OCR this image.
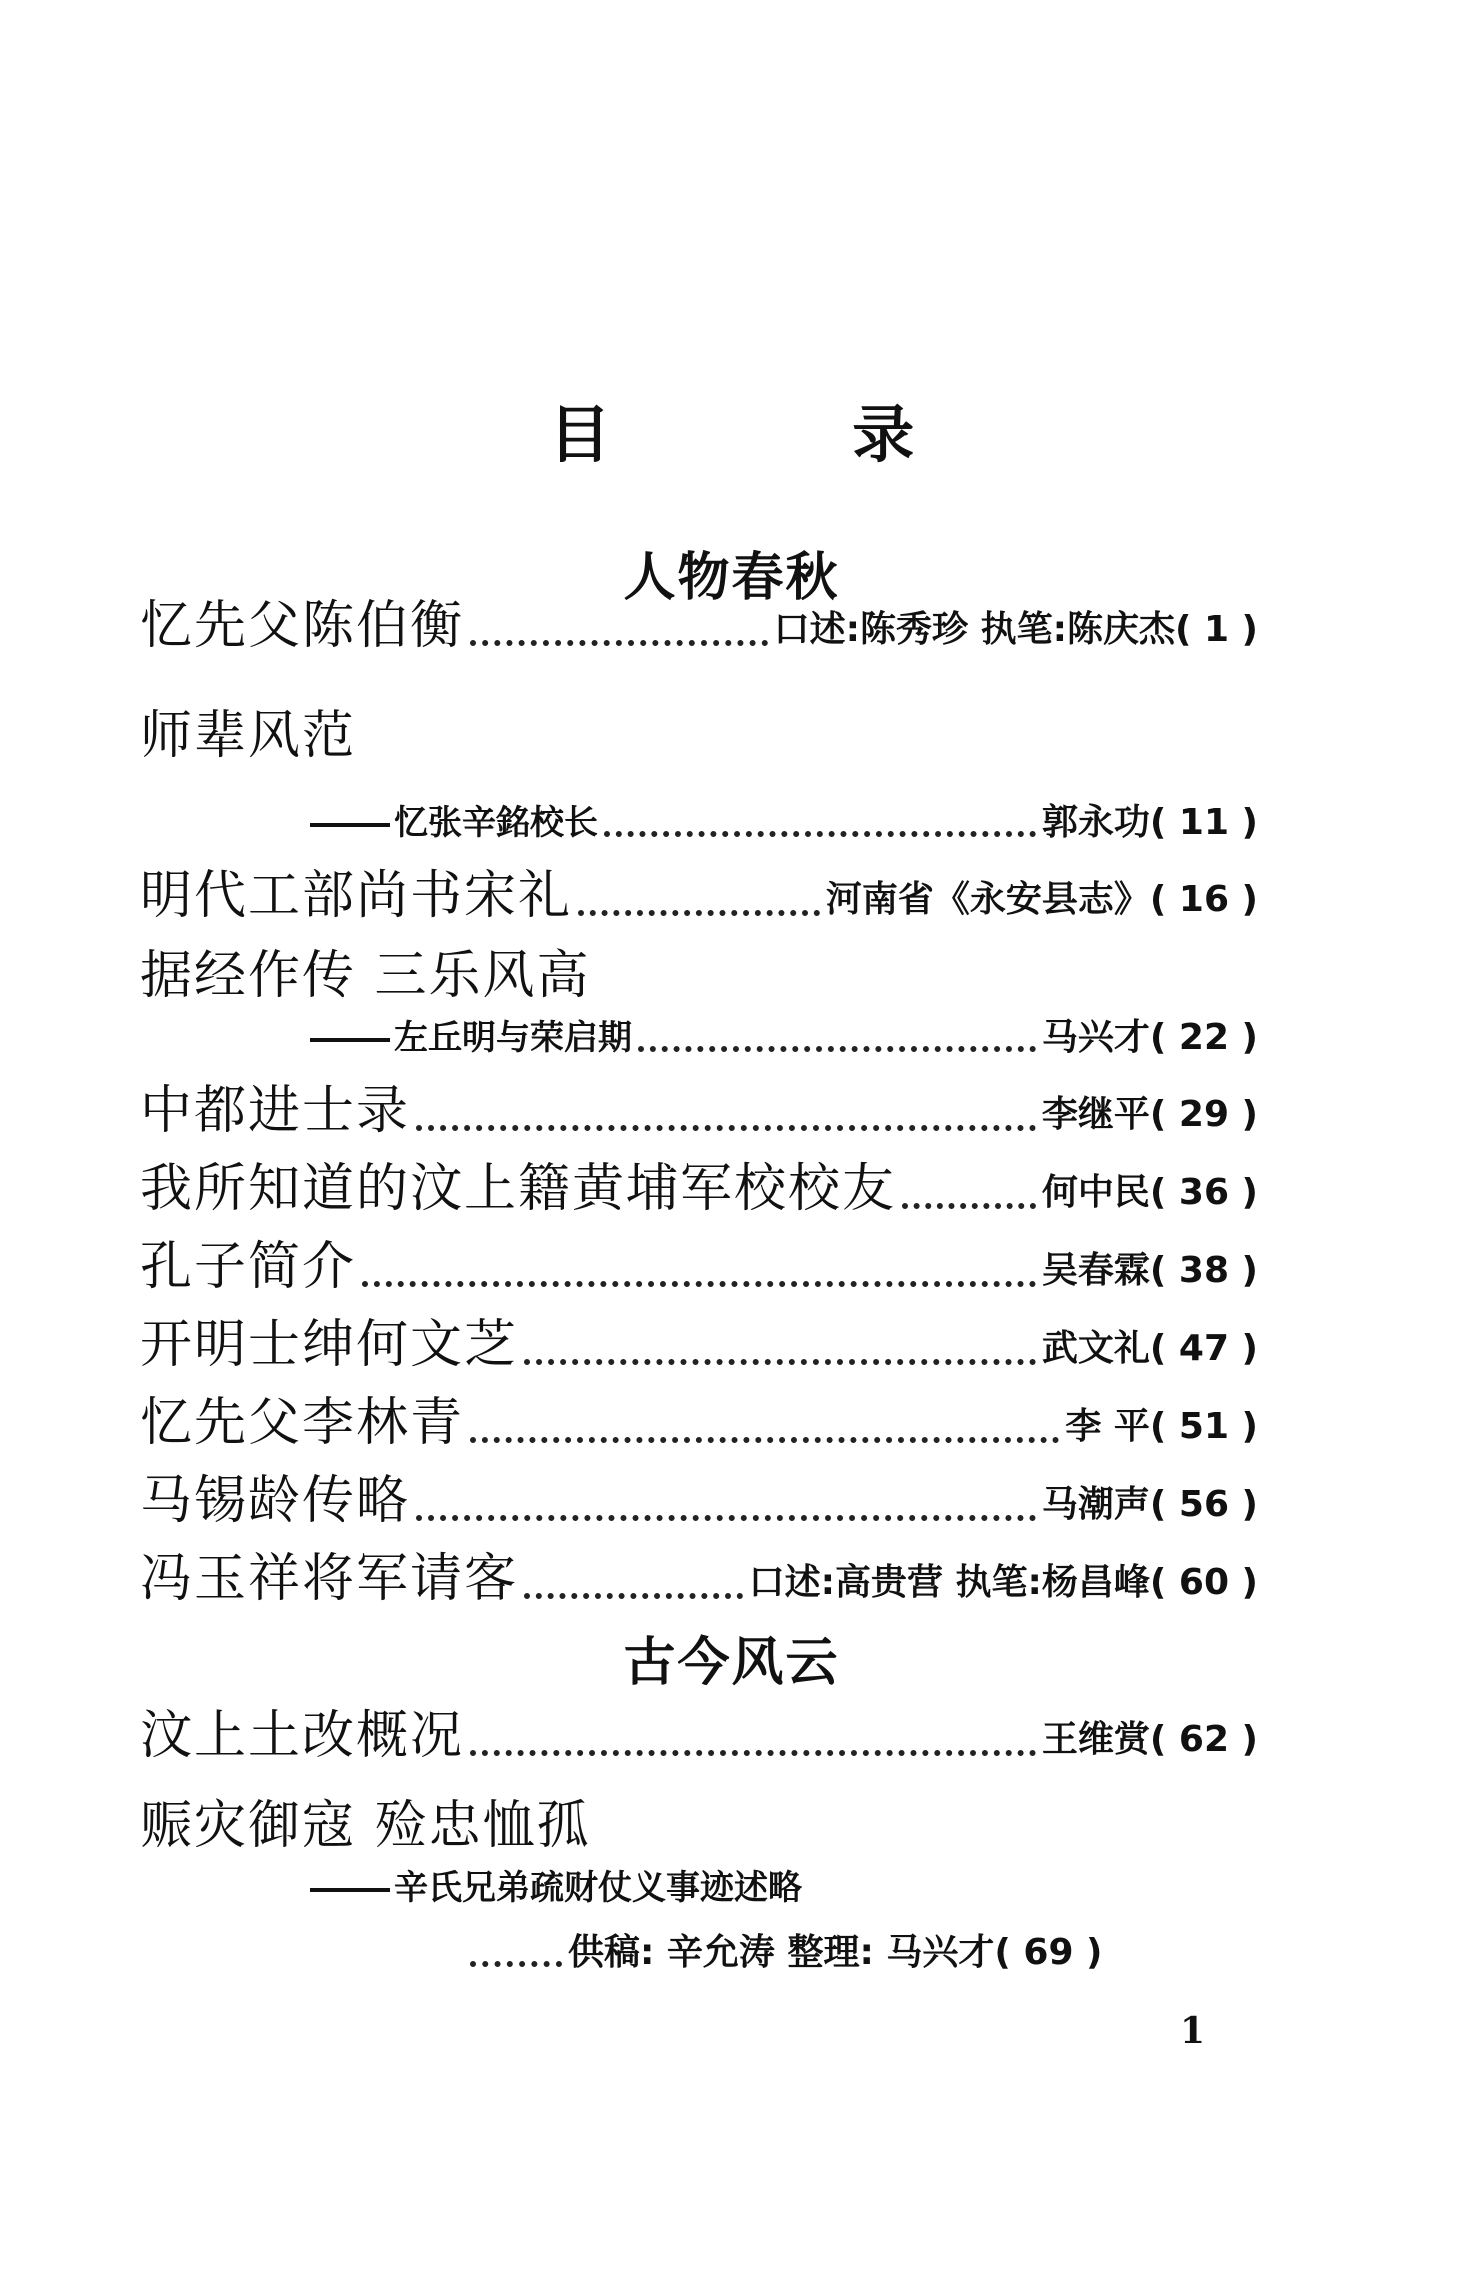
目 录
人物春秋
忆先父陈伯衡	口述:陈秀珍 执笔:陈庆杰 ( 1 )
师辈风范
忆张辛銘校长	郭永功 ( 11 )
明代工部尚书宋礼	河南省《永安县志》 ( 16 )
据经作传 三乐风高
左丘明与荣启期	马兴才 ( 22 )
中都进士录	李继平 ( 29 )
我所知道的汶上籍黄埔军校校友	何中民 ( 36 )
孔子简介	吴春霖 ( 38 )
开明士绅何文芝	武文礼 ( 47 )
忆先父李林青	李 平 ( 51 )
马锡龄传略	马潮声 ( 56 )
冯玉祥将军请客	口述:高贵营 执笔:杨昌峰 ( 60 )
古今风云
汶上土改概况	王维赏 ( 62 )
赈灾御寇 殓忠恤孤
辛氏兄弟疏财仗义事迹述略
供稿: 辛允涛 整理: 马兴才 ( 69 )
1
